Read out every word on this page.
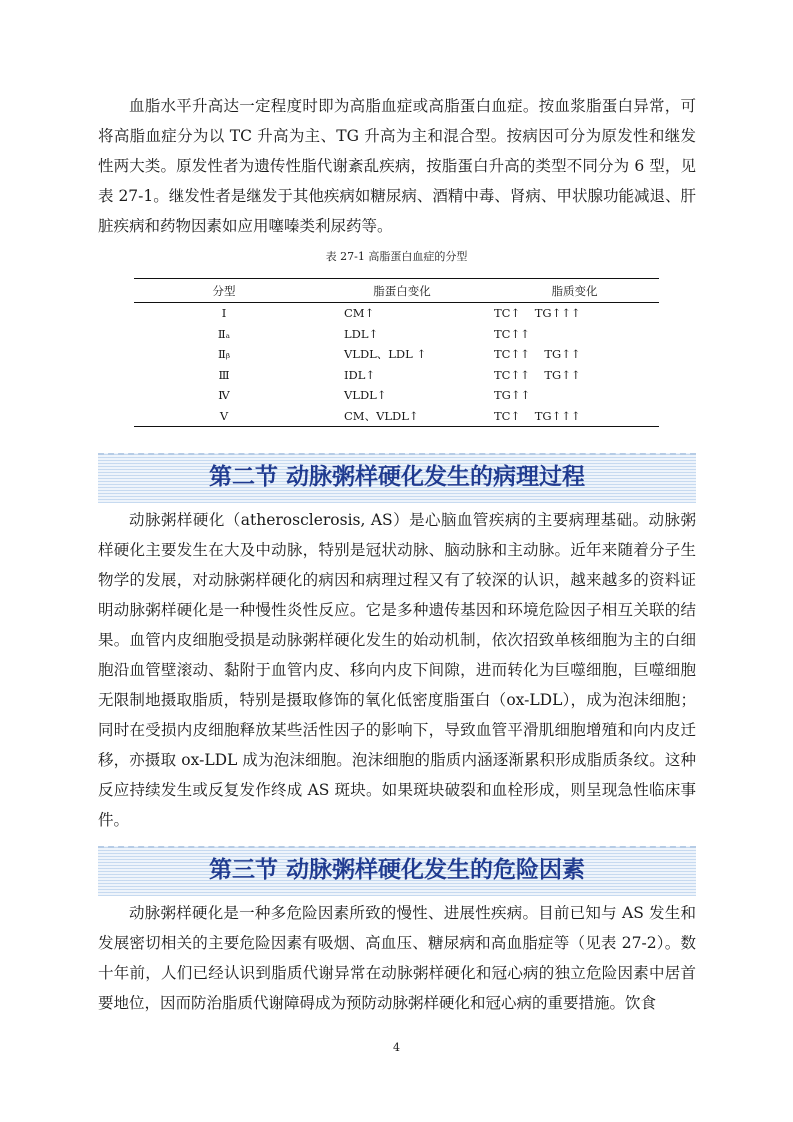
血脂水平升高达一定程度时即为高脂血症或高脂蛋白血症。按血浆脂蛋白异常，可将高脂血症分为以 TC 升高为主、TG 升高为主和混合型。按病因可分为原发性和继发性两大类。原发性者为遗传性脂代谢紊乱疾病，按脂蛋白升高的类型不同分为 6 型，见表 27-1。继发性者是继发于其他疾病如糖尿病、酒精中毒、肾病、甲状腺功能减退、肝脏疾病和药物因素如应用噻嗪类利尿药等。

表 27-1 高脂蛋白血症的分型
分型	脂蛋白变化	脂质变化
Ⅰ	CM↑	TC↑    TG↑↑↑
Ⅱₐ	LDL↑	TC↑↑
Ⅱᵦ	VLDL、LDL ↑	TC↑↑    TG↑↑
Ⅲ	IDL↑	TC↑↑    TG↑↑
Ⅳ	VLDL↑	TG↑↑
Ⅴ	CM、VLDL↑	TC↑    TG↑↑↑
第二节 动脉粥样硬化发生的病理过程

动脉粥样硬化（atherosclerosis, AS）是心脑血管疾病的主要病理基础。动脉粥样硬化主要发生在大及中动脉，特别是冠状动脉、脑动脉和主动脉。近年来随着分子生物学的发展，对动脉粥样硬化的病因和病理过程又有了较深的认识，越来越多的资料证明动脉粥样硬化是一种慢性炎性反应。它是多种遗传基因和环境危险因子相互关联的结果。血管内皮细胞受损是动脉粥样硬化发生的始动机制，依次招致单核细胞为主的白细胞沿血管壁滚动、黏附于血管内皮、移向内皮下间隙，进而转化为巨噬细胞，巨噬细胞无限制地摄取脂质，特别是摄取修饰的氧化低密度脂蛋白（ox-LDL），成为泡沫细胞；同时在受损内皮细胞释放某些活性因子的影响下，导致血管平滑肌细胞增殖和向内皮迁移，亦摄取 ox-LDL 成为泡沫细胞。泡沫细胞的脂质内涵逐渐累积形成脂质条纹。这种反应持续发生或反复发作终成 AS 斑块。如果斑块破裂和血栓形成，则呈现急性临床事件。

第三节 动脉粥样硬化发生的危险因素

动脉粥样硬化是一种多危险因素所致的慢性、进展性疾病。目前已知与 AS 发生和发展密切相关的主要危险因素有吸烟、高血压、糖尿病和高血脂症等（见表 27-2）。数十年前，人们已经认识到脂质代谢异常在动脉粥样硬化和冠心病的独立危险因素中居首要地位，因而防治脂质代谢障碍成为预防动脉粥样硬化和冠心病的重要措施。饮食

4
